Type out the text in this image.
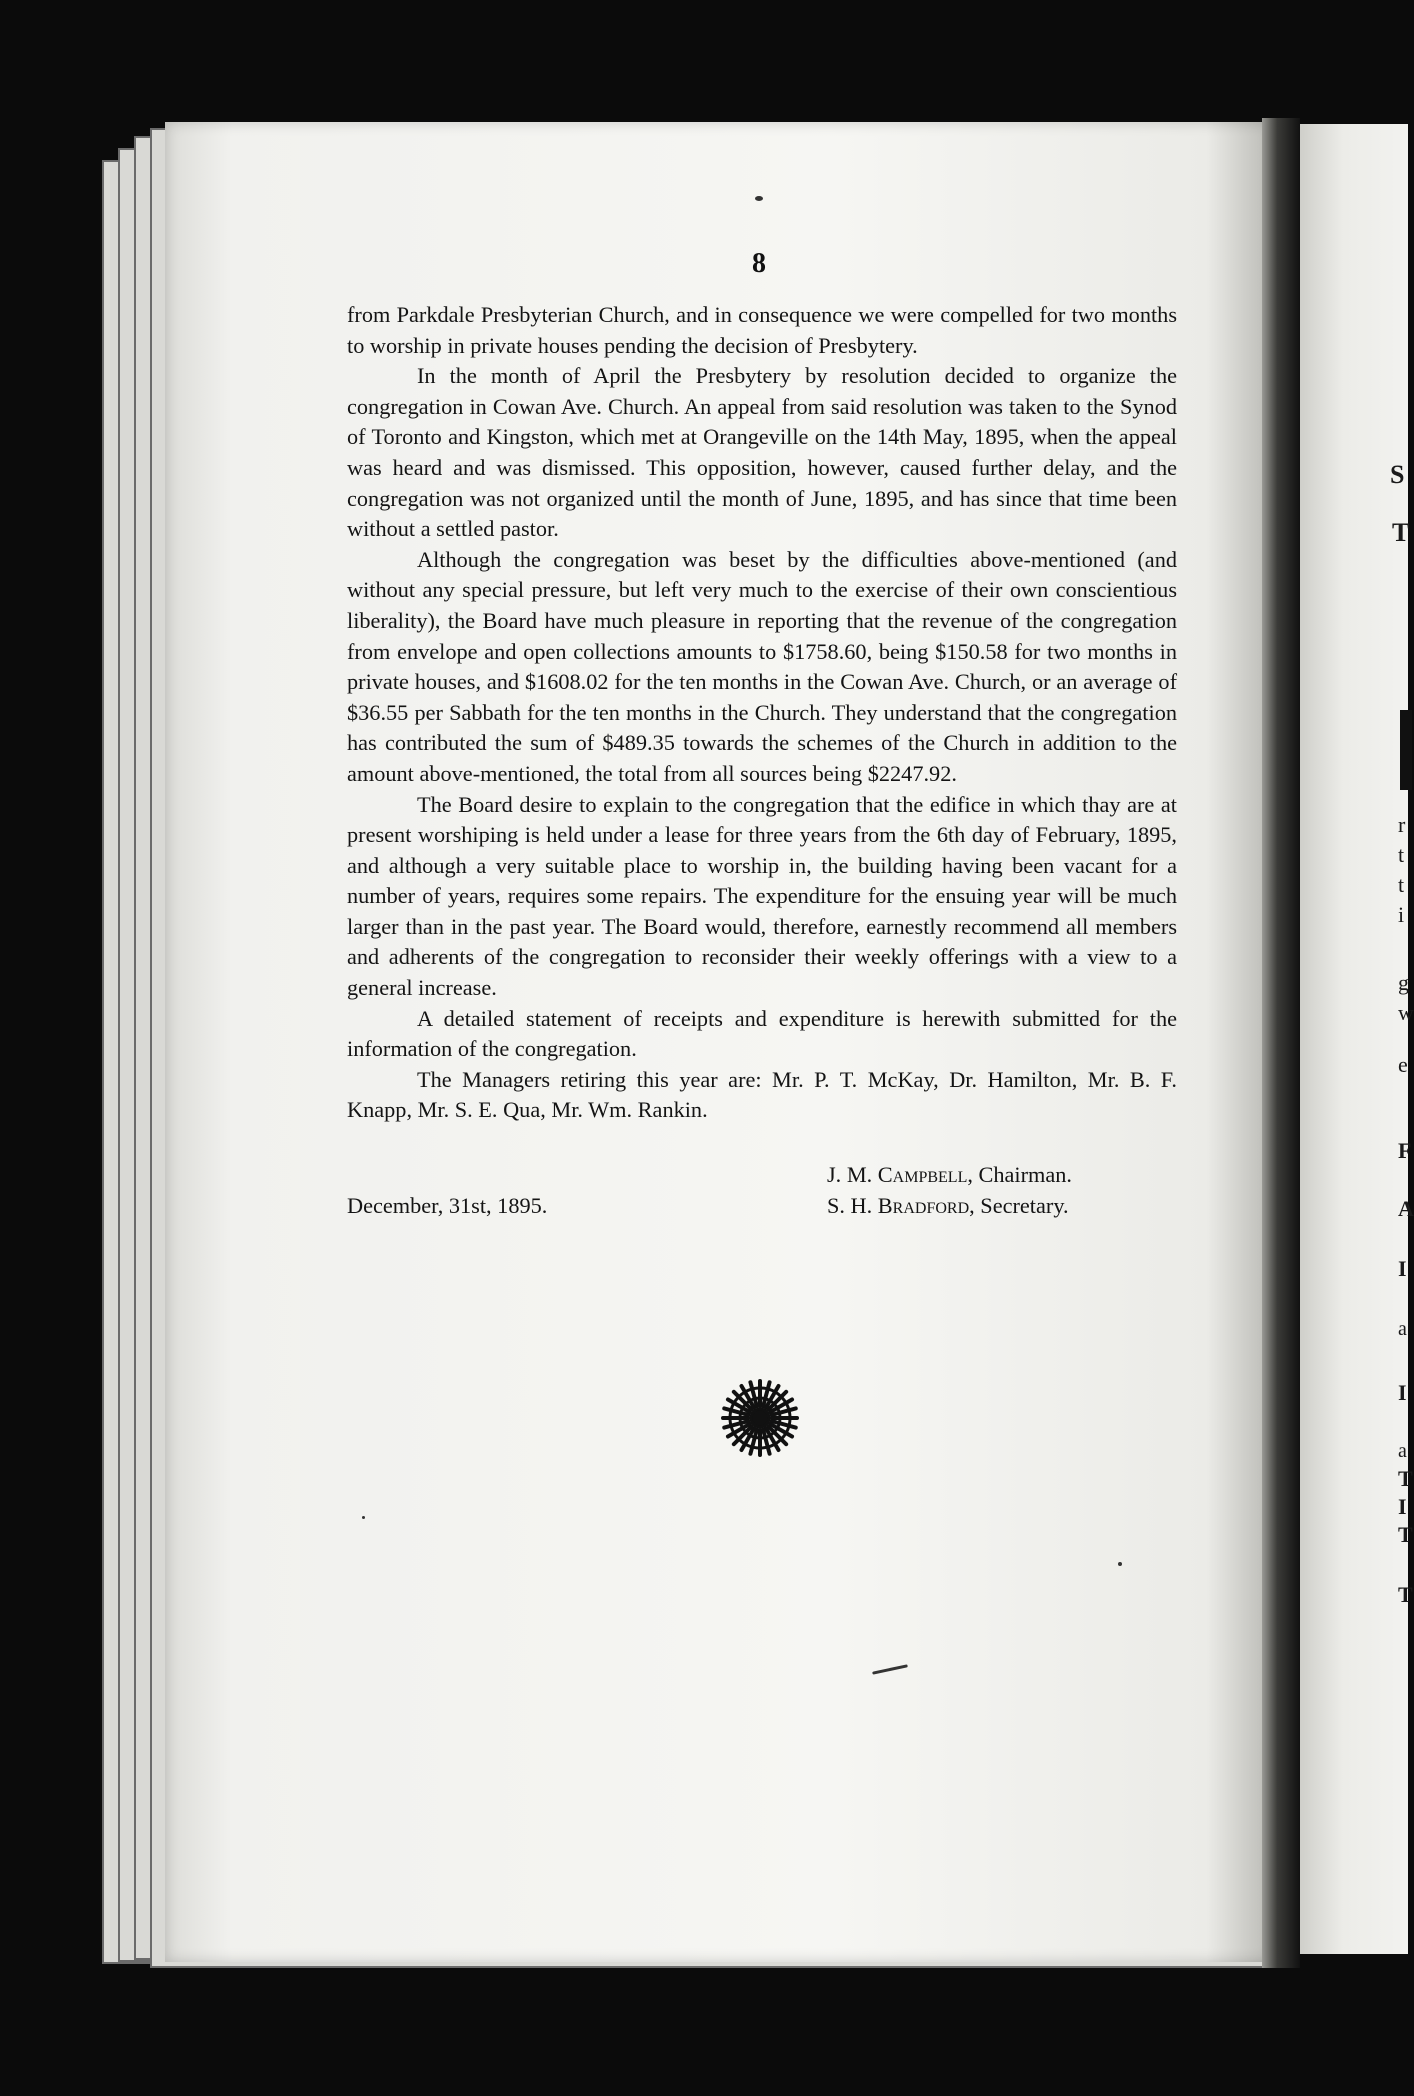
S
T
r
t
t
i
g
w
e
F
A
I
a
I
a
T
I
T
T
8

from Parkdale Presbyterian Church, and in consequence we were compelled for two months to worship in private houses pending the decision of Presbytery.

In the month of April the Presbytery by resolution decided to organize the congregation in Cowan Ave. Church. An appeal from said resolution was taken to the Synod of Toronto and Kingston, which met at Orangeville on the 14th May, 1895, when the appeal was heard and was dismissed. This opposition, however, caused further delay, and the congregation was not organized until the month of June, 1895, and has since that time been without a settled pastor.

Although the congregation was beset by the difficulties above-mentioned (and without any special pressure, but left very much to the exercise of their own conscientious liberality), the Board have much pleasure in reporting that the revenue of the congregation from envelope and open collections amounts to $1758.60, being $150.58 for two months in private houses, and $1608.02 for the ten months in the Cowan Ave. Church, or an average of $36.55 per Sabbath for the ten months in the Church. They understand that the congregation has contributed the sum of $489.35 towards the schemes of the Church in addition to the amount above-mentioned, the total from all sources being $2247.92.

The Board desire to explain to the congregation that the edifice in which thay are at present worshiping is held under a lease for three years from the 6th day of February, 1895, and although a very suitable place to worship in, the building having been vacant for a number of years, requires some repairs. The expenditure for the ensuing year will be much larger than in the past year. The Board would, therefore, earnestly recommend all members and adherents of the congregation to reconsider their weekly offerings with a view to a general increase.

A detailed statement of receipts and expenditure is herewith submitted for the information of the congregation.

The Managers retiring this year are: Mr. P. T. McKay, Dr. Hamilton, Mr. B. F. Knapp, Mr. S. E. Qua, Mr. Wm. Rankin.

J. M. Campbell, Chairman.
December, 31st, 1895.	S. H. Bradford, Secretary.
